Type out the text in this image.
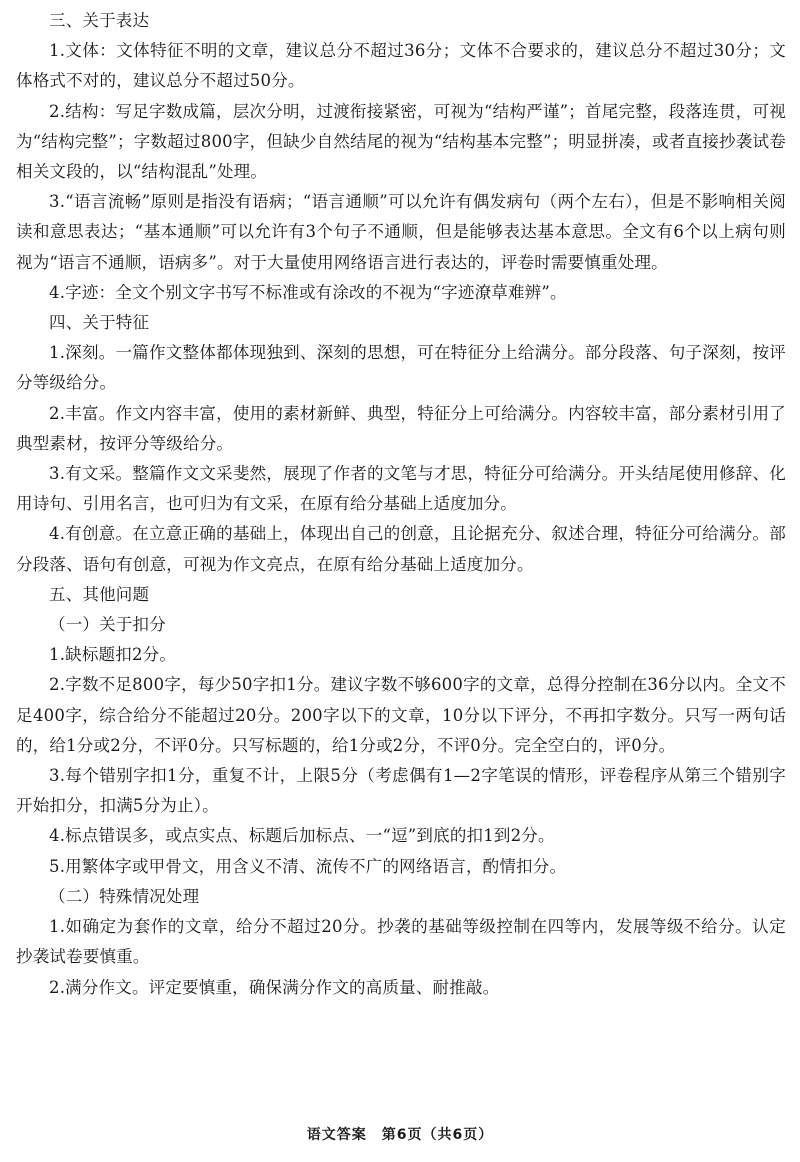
三、关于表达

1.文体：文体特征不明的文章，建议总分不超过36分；文体不合要求的，建议总分不超过30分；文体格式不对的，建议总分不超过50分。

2.结构：写足字数成篇，层次分明，过渡衔接紧密，可视为“结构严谨”；首尾完整，段落连贯，可视为“结构完整”；字数超过800字，但缺少自然结尾的视为“结构基本完整”；明显拼凑，或者直接抄袭试卷相关文段的，以“结构混乱”处理。

3.“语言流畅”原则是指没有语病；“语言通顺”可以允许有偶发病句（两个左右），但是不影响相关阅读和意思表达；“基本通顺”可以允许有3个句子不通顺，但是能够表达基本意思。全文有6个以上病句则视为“语言不通顺，语病多”。对于大量使用网络语言进行表达的，评卷时需要慎重处理。

4.字迹：全文个别文字书写不标准或有涂改的不视为“字迹潦草难辨”。

四、关于特征

1.深刻。一篇作文整体都体现独到、深刻的思想，可在特征分上给满分。部分段落、句子深刻，按评分等级给分。

2.丰富。作文内容丰富，使用的素材新鲜、典型，特征分上可给满分。内容较丰富，部分素材引用了典型素材，按评分等级给分。

3.有文采。整篇作文文采斐然，展现了作者的文笔与才思，特征分可给满分。开头结尾使用修辞、化用诗句、引用名言，也可归为有文采，在原有给分基础上适度加分。

4.有创意。在立意正确的基础上，体现出自己的创意，且论据充分、叙述合理，特征分可给满分。部分段落、语句有创意，可视为作文亮点，在原有给分基础上适度加分。

五、其他问题

（一）关于扣分

1.缺标题扣2分。

2.字数不足800字，每少50字扣1分。建议字数不够600字的文章，总得分控制在36分以内。全文不足400字，综合给分不能超过20分。200字以下的文章，10分以下评分，不再扣字数分。只写一两句话的，给1分或2分，不评0分。只写标题的，给1分或2分，不评0分。完全空白的，评0分。

3.每个错别字扣1分，重复不计，上限5分（考虑偶有1—2字笔误的情形，评卷程序从第三个错别字开始扣分，扣满5分为止）。

4.标点错误多，或点实点、标题后加标点、一“逗”到底的扣1到2分。

5.用繁体字或甲骨文，用含义不清、流传不广的网络语言，酌情扣分。

（二）特殊情况处理

1.如确定为套作的文章，给分不超过20分。抄袭的基础等级控制在四等内，发展等级不给分。认定抄袭试卷要慎重。

2.满分作文。评定要慎重，确保满分作文的高质量、耐推敲。

语文答案　第6页（共6页）
